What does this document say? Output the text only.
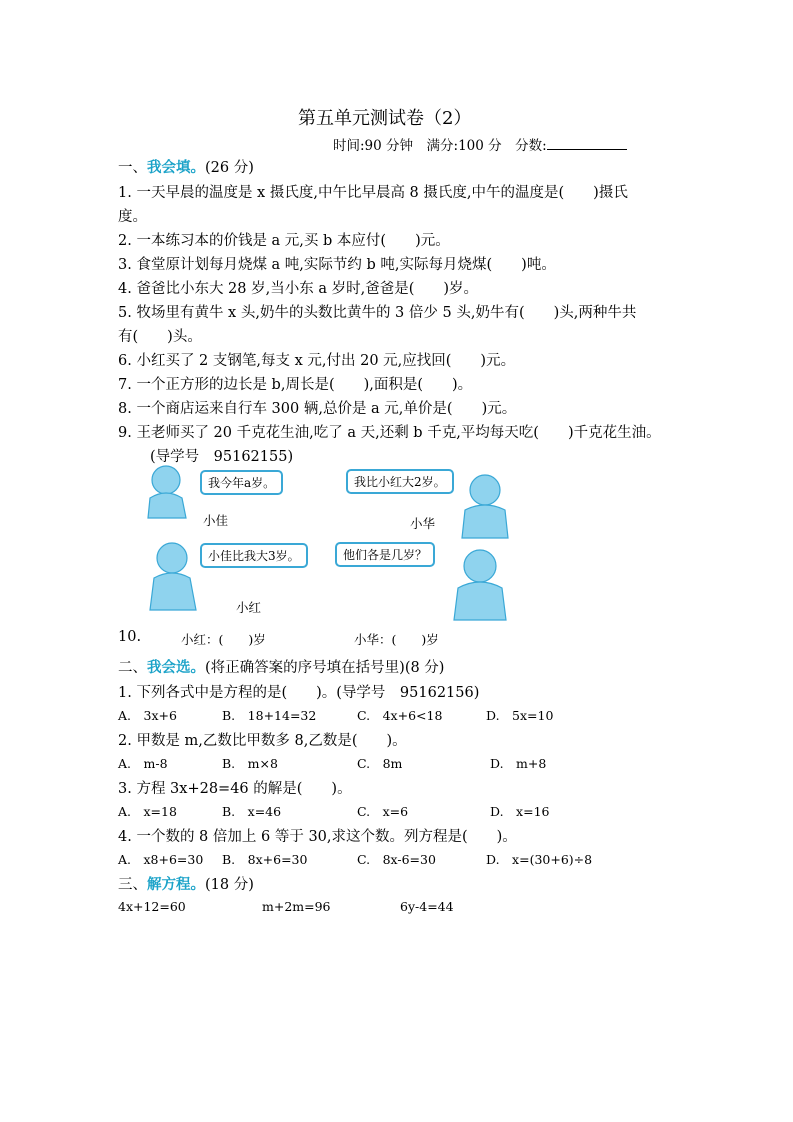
第五单元测试卷（2）
时间:90 分钟　满分:100 分　分数:
一、我会填。(26 分)
1. 一天早晨的温度是 x 摄氏度,中午比早晨高 8 摄氏度,中午的温度是(　　)摄氏
度。
2. 一本练习本的价钱是 a 元,买 b 本应付(　　)元。
3. 食堂原计划每月烧煤 a 吨,实际节约 b 吨,实际每月烧煤(　　)吨。
4. 爸爸比小东大 28 岁,当小东 a 岁时,爸爸是(　　)岁。
5. 牧场里有黄牛 x 头,奶牛的头数比黄牛的 3 倍少 5 头,奶牛有(　　)头,两种牛共
有(　　)头。
6. 小红买了 2 支钢笔,每支 x 元,付出 20 元,应找回(　　)元。
7. 一个正方形的边长是 b,周长是(　　),面积是(　　)。
8. 一个商店运来自行车 300 辆,总价是 a 元,单价是(　　)元。
9. 王老师买了 20 千克花生油,吃了 a 天,还剩 b 千克,平均每天吃(　　)千克花生油。
(导学号　95162155)
我今年a岁。
小佳
我比小红大2岁。
小华
小佳比我大3岁。
小红
他们各是几岁？
10.	小红：(　　)岁	小华：(　　)岁
二、我会选。(将正确答案的序号填在括号里)(8 分)
1. 下列各式中是方程的是(　　)。(导学号　95162156)
A.　3x+6	B.　18+14=32	C.　4x+6<18	D.　5x=10
2. 甲数是 m,乙数比甲数多 8,乙数是(　　)。
A.　m-8	B.　m×8	C.　8m	D.　m+8
3. 方程 3x+28=46 的解是(　　)。
A.　x=18	B.　x=46	C.　x=6	D.　x=16
4. 一个数的 8 倍加上 6 等于 30,求这个数。列方程是(　　)。
A.　x8+6=30 B.　8x+6=30	C.　8x-6=30	D.　x=(30+6)÷8
三、解方程。(18 分)
4x+12=60	m+2m=96	6y-4=44
